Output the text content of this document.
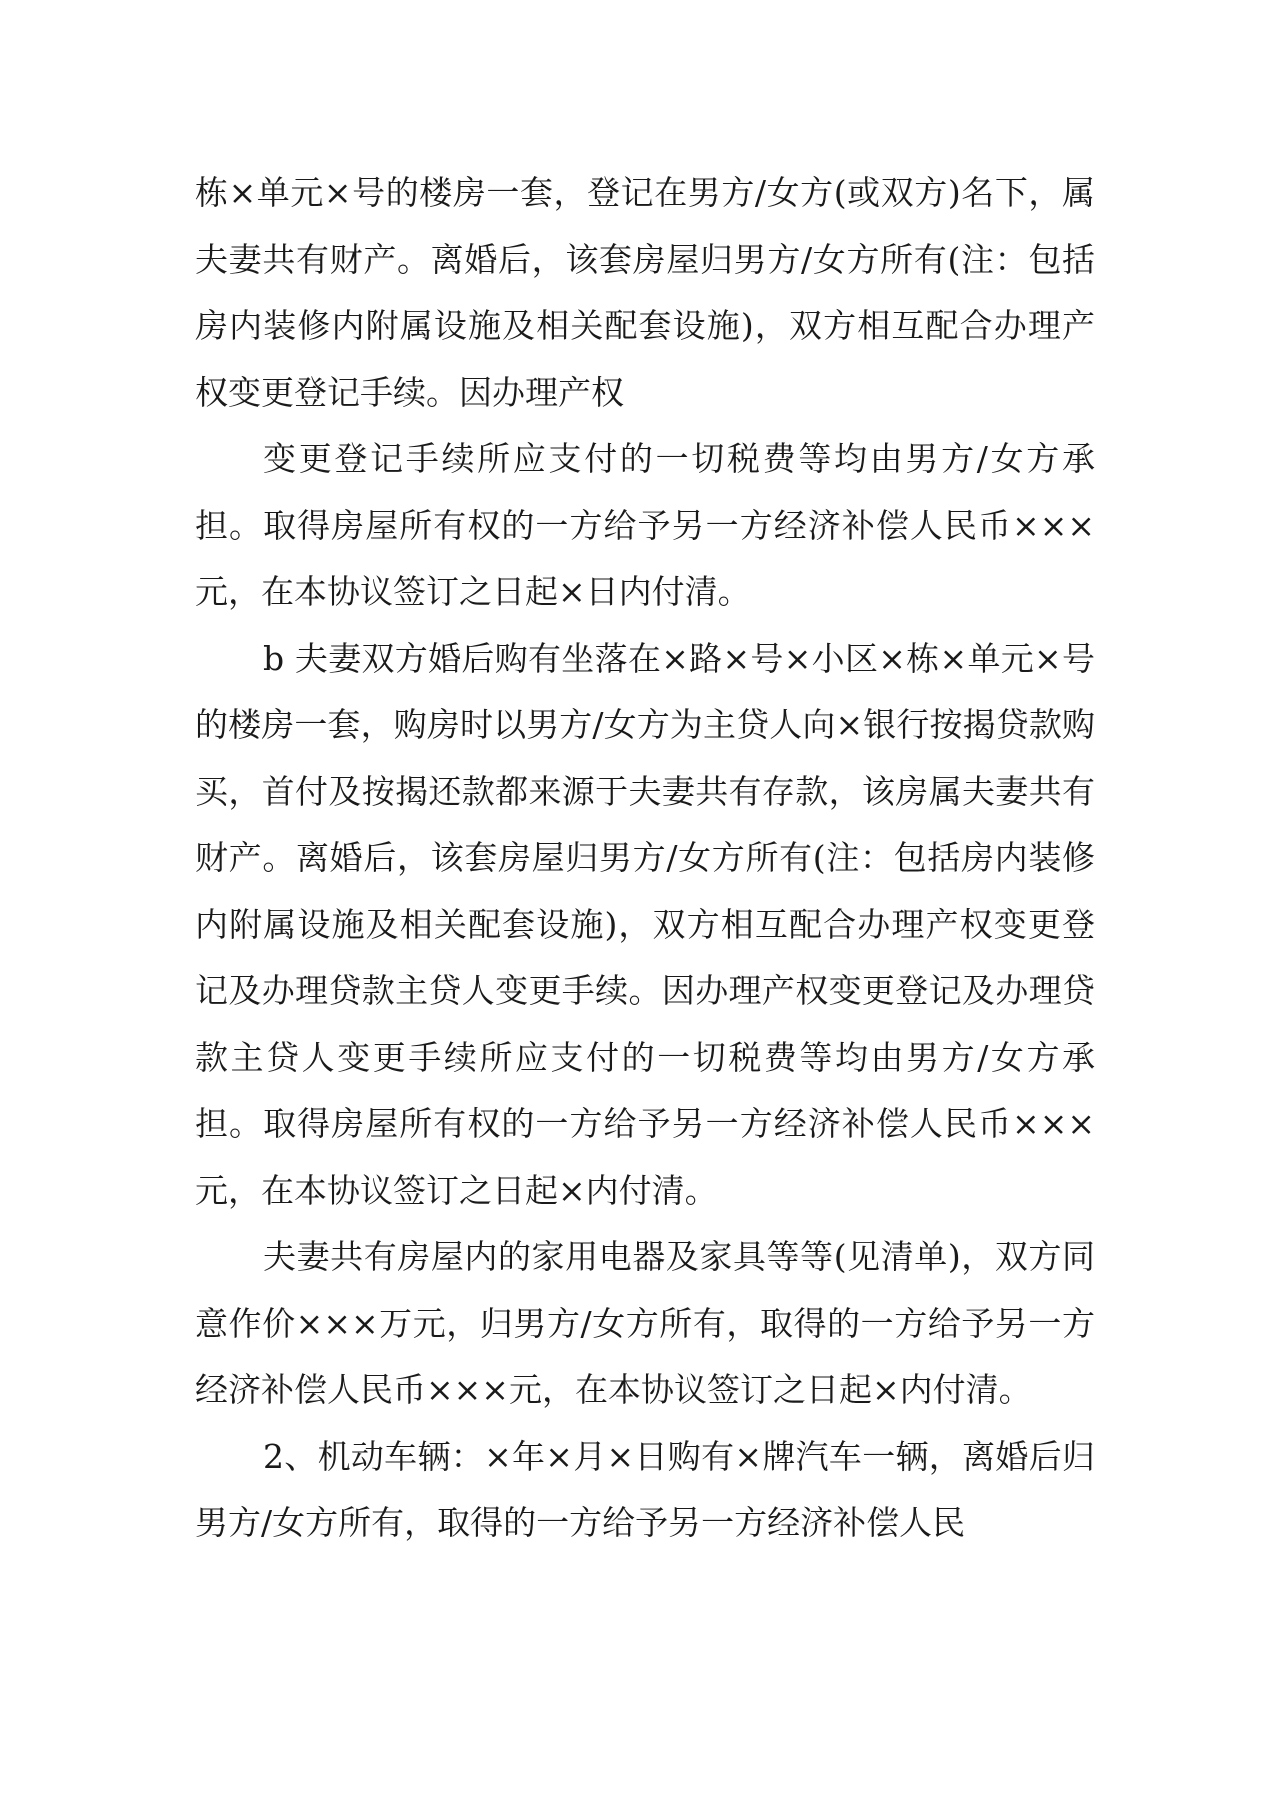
栋×单元×号的楼房一套，登记在男方/女方(或双方)名下，属夫妻共有财产。离婚后，该套房屋归男方/女方所有(注：包括房内装修内附属设施及相关配套设施)，双方相互配合办理产权变更登记手续。因办理产权

变更登记手续所应支付的一切税费等均由男方/女方承担。取得房屋所有权的一方给予另一方经济补偿人民币×××元，在本协议签订之日起×日内付清。

b 夫妻双方婚后购有坐落在×路×号×小区×栋×单元×号的楼房一套，购房时以男方/女方为主贷人向×银行按揭贷款购买，首付及按揭还款都来源于夫妻共有存款，该房属夫妻共有财产。离婚后，该套房屋归男方/女方所有(注：包括房内装修内附属设施及相关配套设施)，双方相互配合办理产权变更登记及办理贷款主贷人变更手续。因办理产权变更登记及办理贷款主贷人变更手续所应支付的一切税费等均由男方/女方承担。取得房屋所有权的一方给予另一方经济补偿人民币×××元，在本协议签订之日起×内付清。

夫妻共有房屋内的家用电器及家具等等(见清单)，双方同意作价×××万元，归男方/女方所有，取得的一方给予另一方经济补偿人民币×××元，在本协议签订之日起×内付清。

2、机动车辆：×年×月×日购有×牌汽车一辆，离婚后归男方/女方所有，取得的一方给予另一方经济补偿人民
